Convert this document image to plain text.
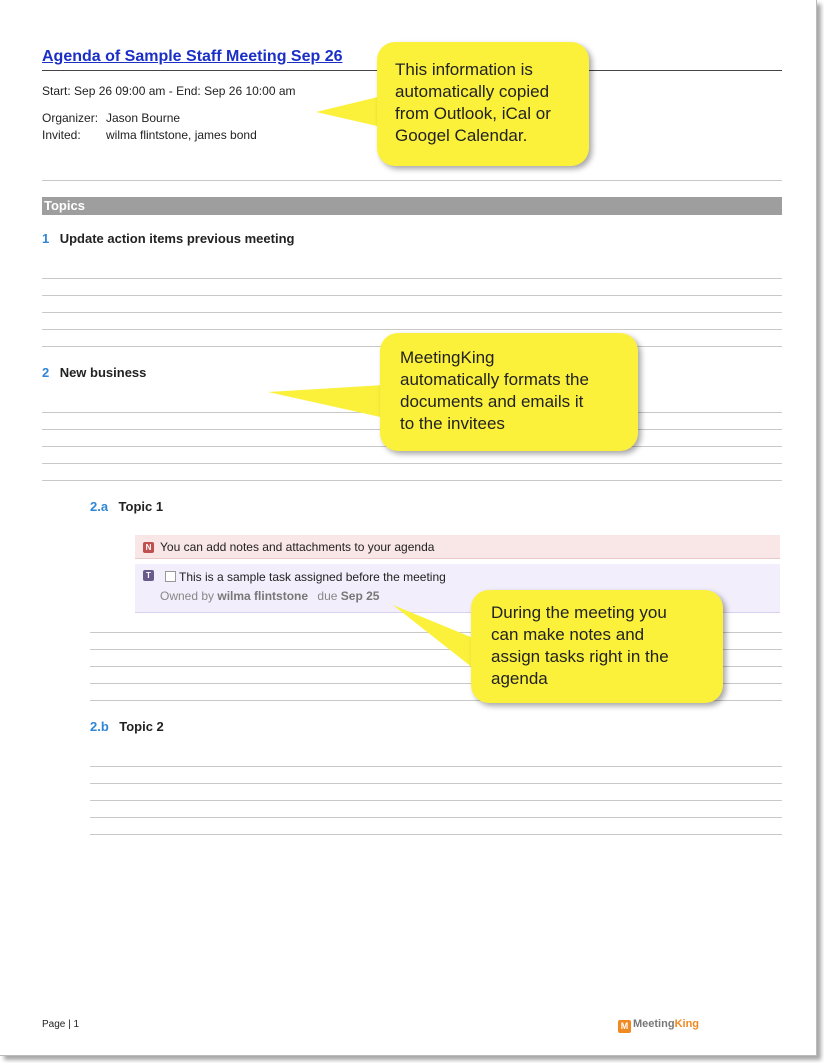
Agenda of Sample Staff Meeting Sep 26
Start: Sep 26 09:00 am - End: Sep 26 10:00 am
Organizer: Jason Bourne
Invited: wilma flintstone, james bond
Topics
1 Update action items previous meeting
2 New business
2.a Topic 1
N You can add notes and attachments to your agenda
T	This is a sample task assigned before the meeting
Owned by wilma flintstone due Sep 25
2.b Topic 2
This information is
automatically copied
from Outlook, iCal or
Googel Calendar.
MeetingKing
automatically formats the
documents and emails it
to the invitees
During the meeting you
can make notes and
assign tasks right in the
agenda
Page | 1	M MeetingKing
